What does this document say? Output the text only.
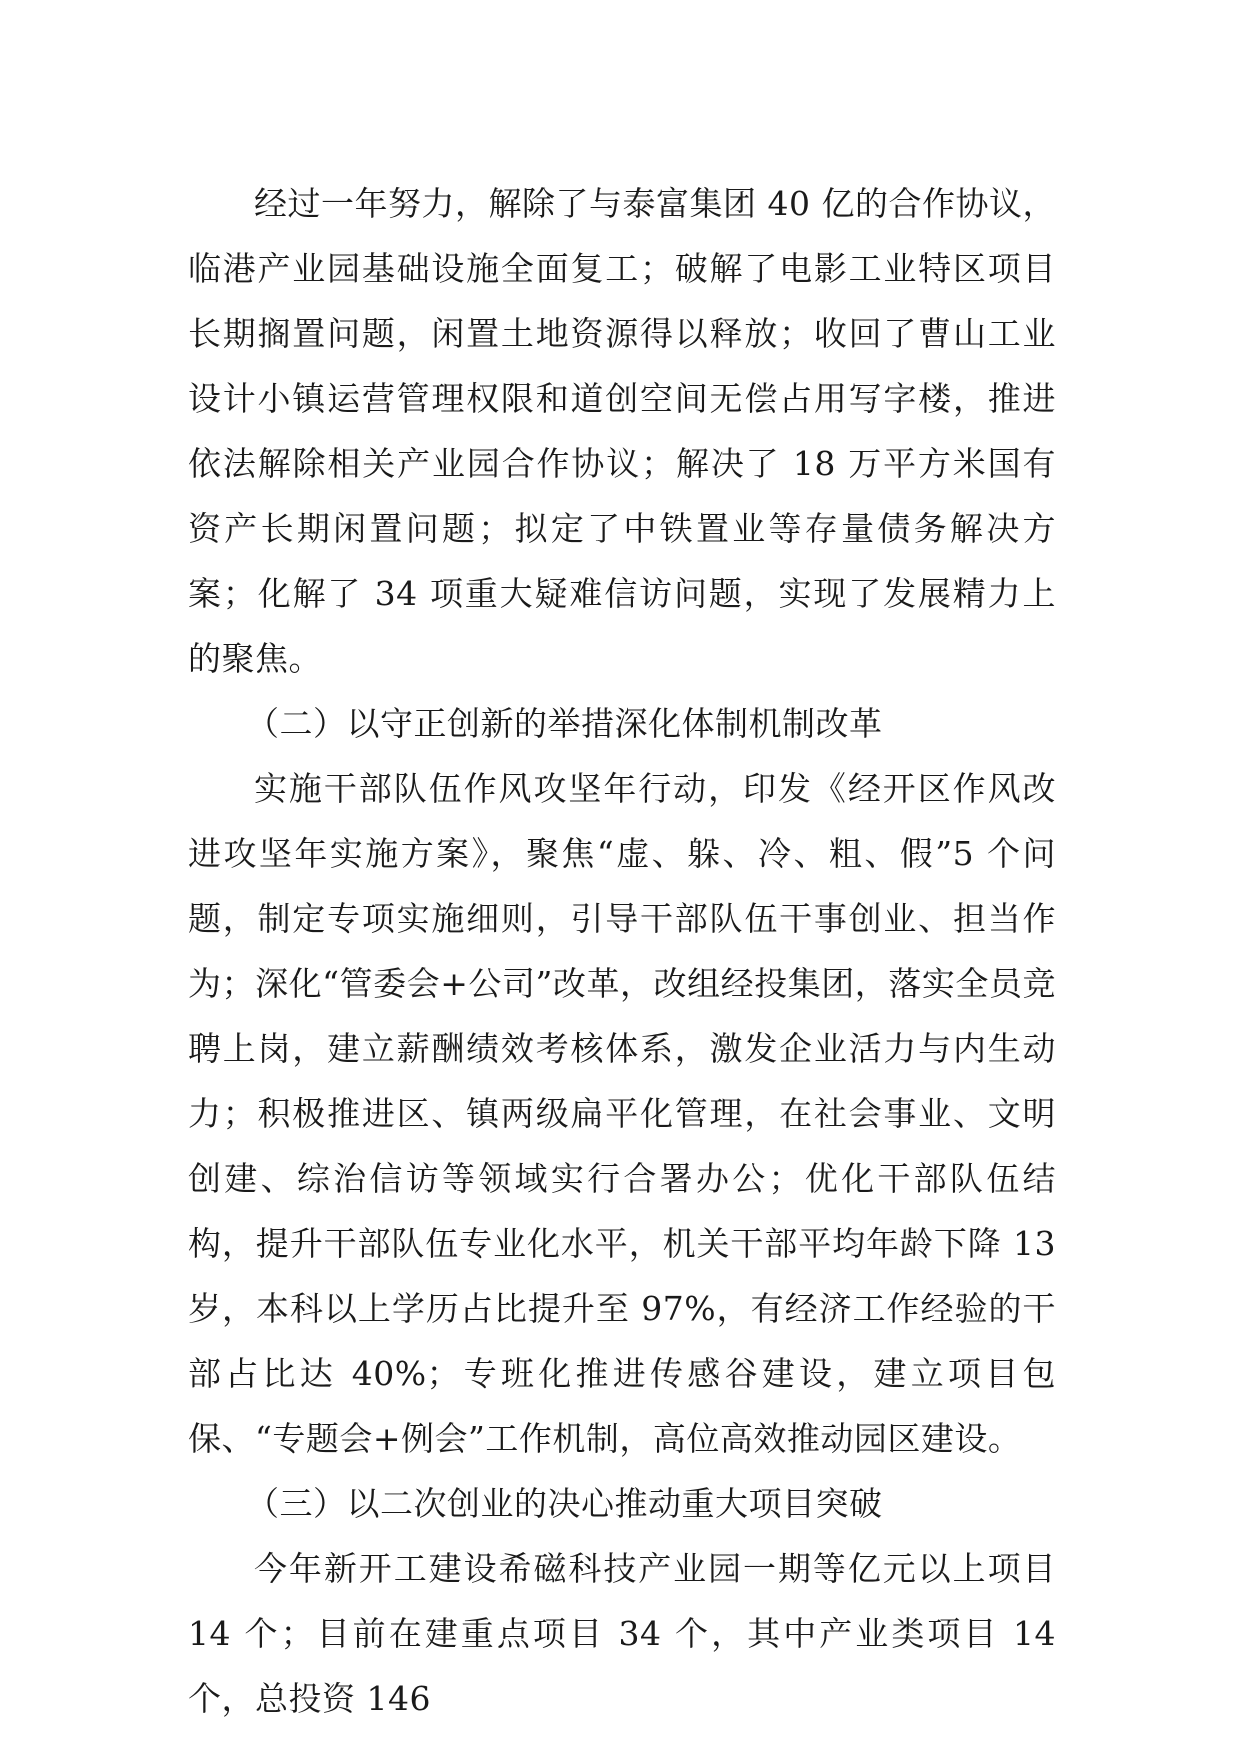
经过一年努力，解除了与泰富集团 40 亿的合作协议，临港产业园基础设施全面复工；破解了电影工业特区项目长期搁置问题，闲置土地资源得以释放；收回了曹山工业设计小镇运营管理权限和道创空间无偿占用写字楼，推进依法解除相关产业园合作协议；解决了 18 万平方米国有资产长期闲置问题；拟定了中铁置业等存量债务解决方案；化解了 34 项重大疑难信访问题，实现了发展精力上的聚焦。

（二）以守正创新的举措深化体制机制改革

实施干部队伍作风攻坚年行动，印发《经开区作风改进攻坚年实施方案》，聚焦“虚、躲、冷、粗、假”5 个问题，制定专项实施细则，引导干部队伍干事创业、担当作为；深化“管委会+公司”改革，改组经投集团，落实全员竞聘上岗，建立薪酬绩效考核体系，激发企业活力与内生动力；积极推进区、镇两级扁平化管理，在社会事业、文明创建、综治信访等领域实行合署办公；优化干部队伍结构，提升干部队伍专业化水平，机关干部平均年龄下降 13 岁，本科以上学历占比提升至 97%，有经济工作经验的干部占比达 40%；专班化推进传感谷建设，建立项目包保、“专题会+例会”工作机制，高位高效推动园区建设。

（三）以二次创业的决心推动重大项目突破

今年新开工建设希磁科技产业园一期等亿元以上项目 14 个；目前在建重点项目 34 个，其中产业类项目 14 个，总投资 146
